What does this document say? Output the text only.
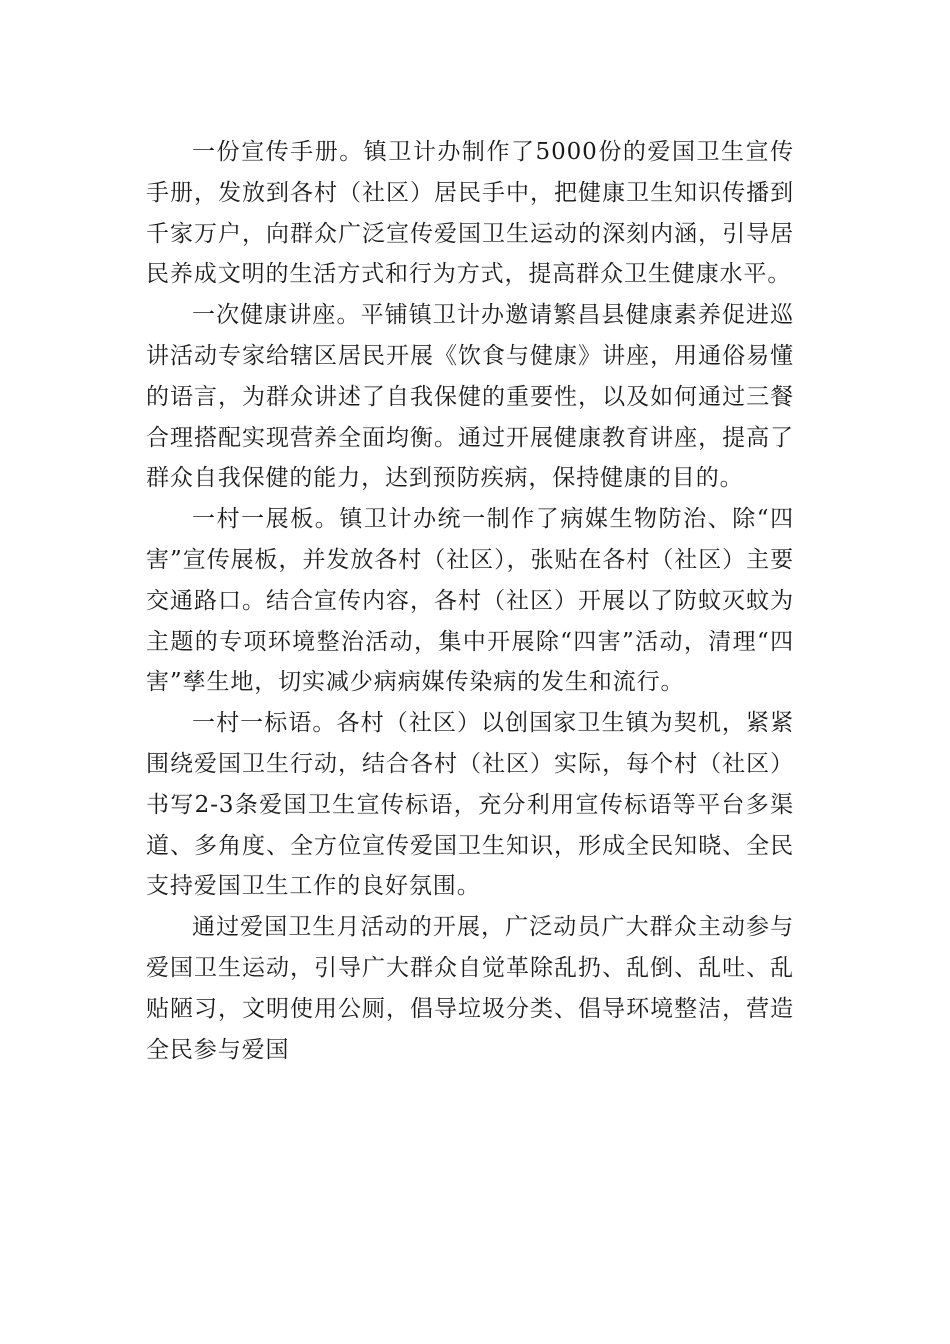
一份宣传手册。镇卫计办制作了5000份的爱国卫生宣传手册，发放到各村（社区）居民手中，把健康卫生知识传播到千家万户，向群众广泛宣传爱国卫生运动的深刻内涵，引导居民养成文明的生活方式和行为方式，提高群众卫生健康水平。

一次健康讲座。平铺镇卫计办邀请繁昌县健康素养促进巡讲活动专家给辖区居民开展《饮食与健康》讲座，用通俗易懂的语言，为群众讲述了自我保健的重要性，以及如何通过三餐合理搭配实现营养全面均衡。通过开展健康教育讲座，提高了群众自我保健的能力，达到预防疾病，保持健康的目的。

一村一展板。镇卫计办统一制作了病媒生物防治、除“四害”宣传展板，并发放各村（社区），张贴在各村（社区）主要交通路口。结合宣传内容，各村（社区）开展以了防蚊灭蚊为主题的专项环境整治活动，集中开展除“四害”活动，清理“四害”孳生地，切实减少病病媒传染病的发生和流行。

一村一标语。各村（社区）以创国家卫生镇为契机，紧紧围绕爱国卫生行动，结合各村（社区）实际，每个村（社区）书写2-3条爱国卫生宣传标语，充分利用宣传标语等平台多渠道、多角度、全方位宣传爱国卫生知识，形成全民知晓、全民支持爱国卫生工作的良好氛围。

通过爱国卫生月活动的开展，广泛动员广大群众主动参与爱国卫生运动，引导广大群众自觉革除乱扔、乱倒、乱吐、乱贴陋习，文明使用公厕，倡导垃圾分类、倡导环境整洁，营造全民参与爱国
